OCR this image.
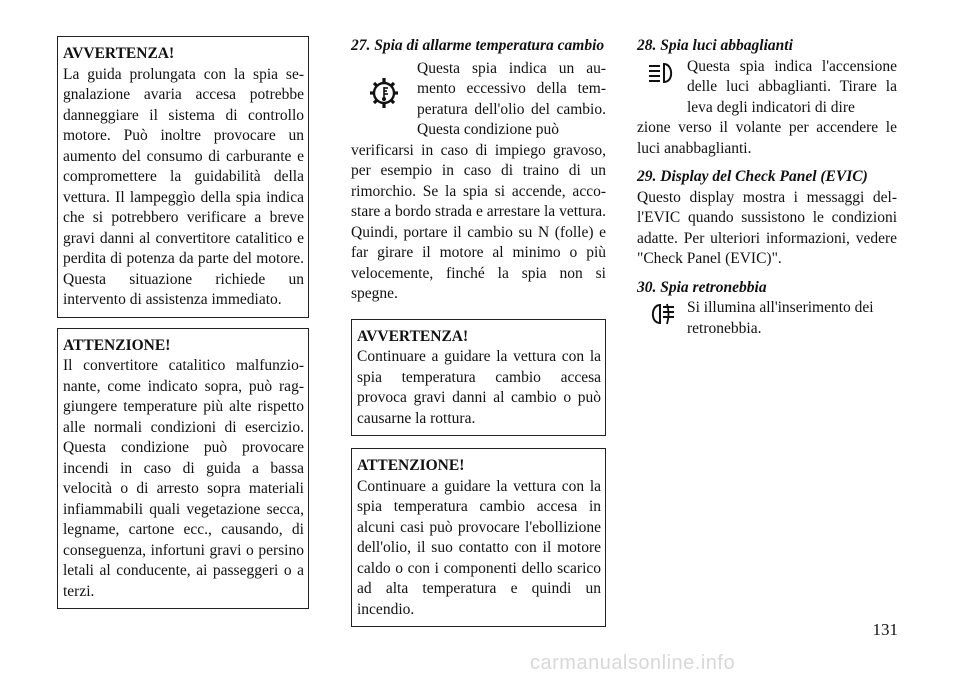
AVVERTENZA!
La guida prolungata con la spia segnalazione avaria accesa potrebbe danneggiare il sistema di controllo motore. Può inoltre provocare un aumento del consumo di carburante e compromettere la guidabilità della vettura. Il lampeggìo della spia indica che si potrebbero verificare a breve gravi danni al convertitore catalitico e perdita di potenza da parte del motore. Questa situazione richiede un intervento di assistenza immediato.
ATTENZIONE!
Il convertitore catalitico malfunzionante, come indicato sopra, può raggiungere temperature più alte rispetto alle normali condizioni di esercizio. Questa condizione può provocare incendi in caso di guida a bassa velocità o di arresto sopra materiali infiammabili quali vegetazione secca, legname, cartone ecc., causando, di conseguenza, infortuni gravi o persino letali al conducente, ai passeggeri o a terzi.

27. Spia di allarme temperatura cambio

Questa spia indica un aumento eccessivo della temperatura dell'olio del cambio. Questa condizione può
verificarsi in caso di impiego gravoso, per esempio in caso di traino di un rimorchio. Se la spia si accende, accostare a bordo strada e arrestare la vettura. Quindi, portare il cambio su N (folle) e far girare il motore al minimo o più velocemente, finché la spia non si spegne.
AVVERTENZA!
Continuare a guidare la vettura con la spia temperatura cambio accesa provoca gravi danni al cambio o può causarne la rottura.
ATTENZIONE!
Continuare a guidare la vettura con la spia temperatura cambio accesa in alcuni casi può provocare l'ebollizione dell'olio, il suo contatto con il motore caldo o con i componenti dello scarico ad alta temperatura e quindi un incendio.

28. Spia luci abbaglianti

Questa spia indica l'accensione delle luci abbaglianti. Tirare la leva degli indicatori di dire
zione verso il volante per accendere le luci anabbaglianti.

29. Display del Check Panel (EVIC)

Questo display mostra i messaggi dell'EVIC quando sussistono le condizioni adatte. Per ulteriori informazioni, vedere "Check Panel (EVIC)".

30. Spia retronebbia

Si illumina all'inserimento dei retronebbia.
131
carmanualsonline.info
